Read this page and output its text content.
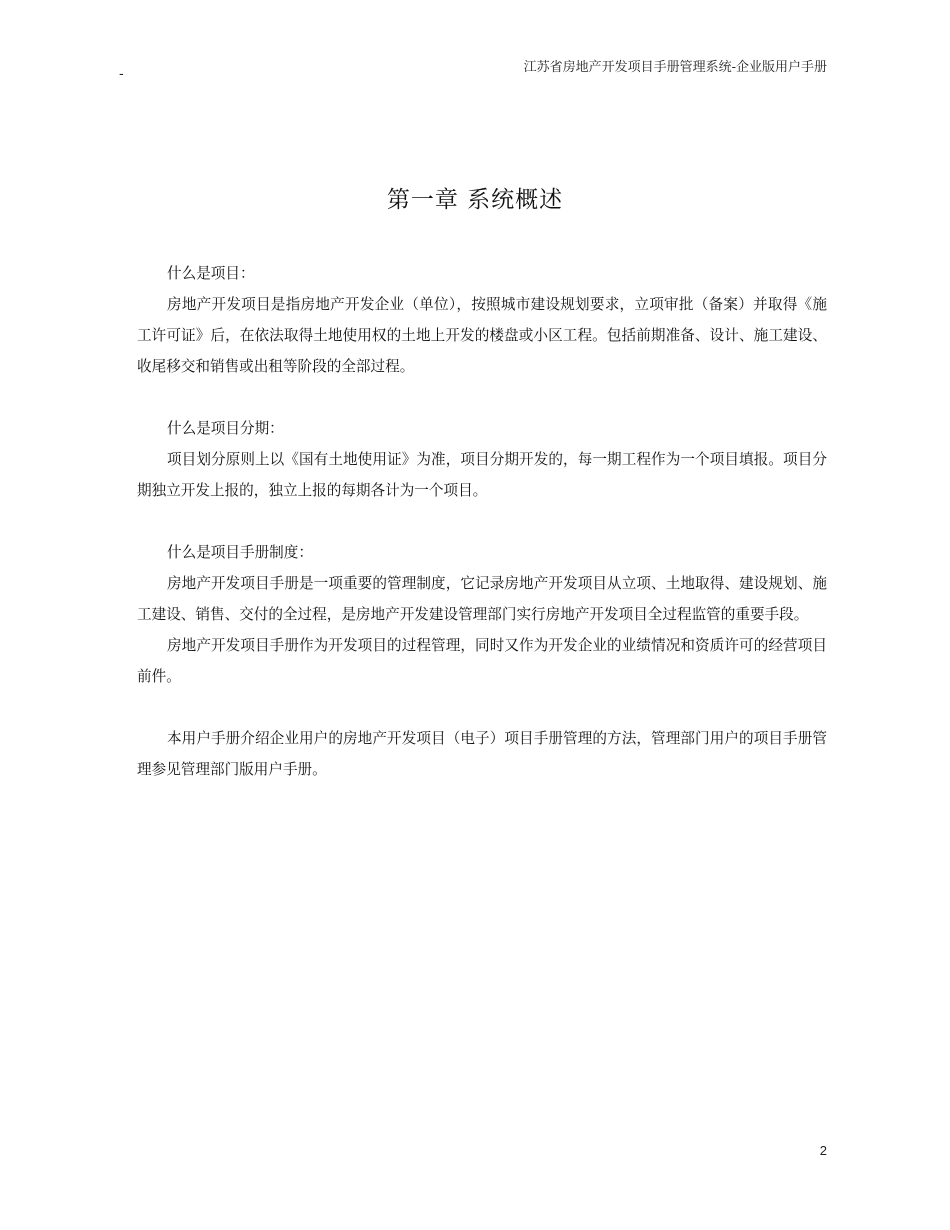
-	江苏省房地产开发项目手册管理系统-企业版用户手册
第一章 系统概述

什么是项目：

房地产开发项目是指房地产开发企业（单位），按照城市建设规划要求，立项审批（备案）并取得《施工许可证》后，在依法取得土地使用权的土地上开发的楼盘或小区工程。包括前期准备、设计、施工建设、收尾移交和销售或出租等阶段的全部过程。

什么是项目分期：

项目划分原则上以《国有土地使用证》为准，项目分期开发的，每一期工程作为一个项目填报。项目分期独立开发上报的，独立上报的每期各计为一个项目。

什么是项目手册制度：

房地产开发项目手册是一项重要的管理制度，它记录房地产开发项目从立项、土地取得、建设规划、施工建设、销售、交付的全过程，是房地产开发建设管理部门实行房地产开发项目全过程监管的重要手段。

房地产开发项目手册作为开发项目的过程管理，同时又作为开发企业的业绩情况和资质许可的经营项目前件。

本用户手册介绍企业用户的房地产开发项目（电子）项目手册管理的方法，管理部门用户的项目手册管理参见管理部门版用户手册。

2
